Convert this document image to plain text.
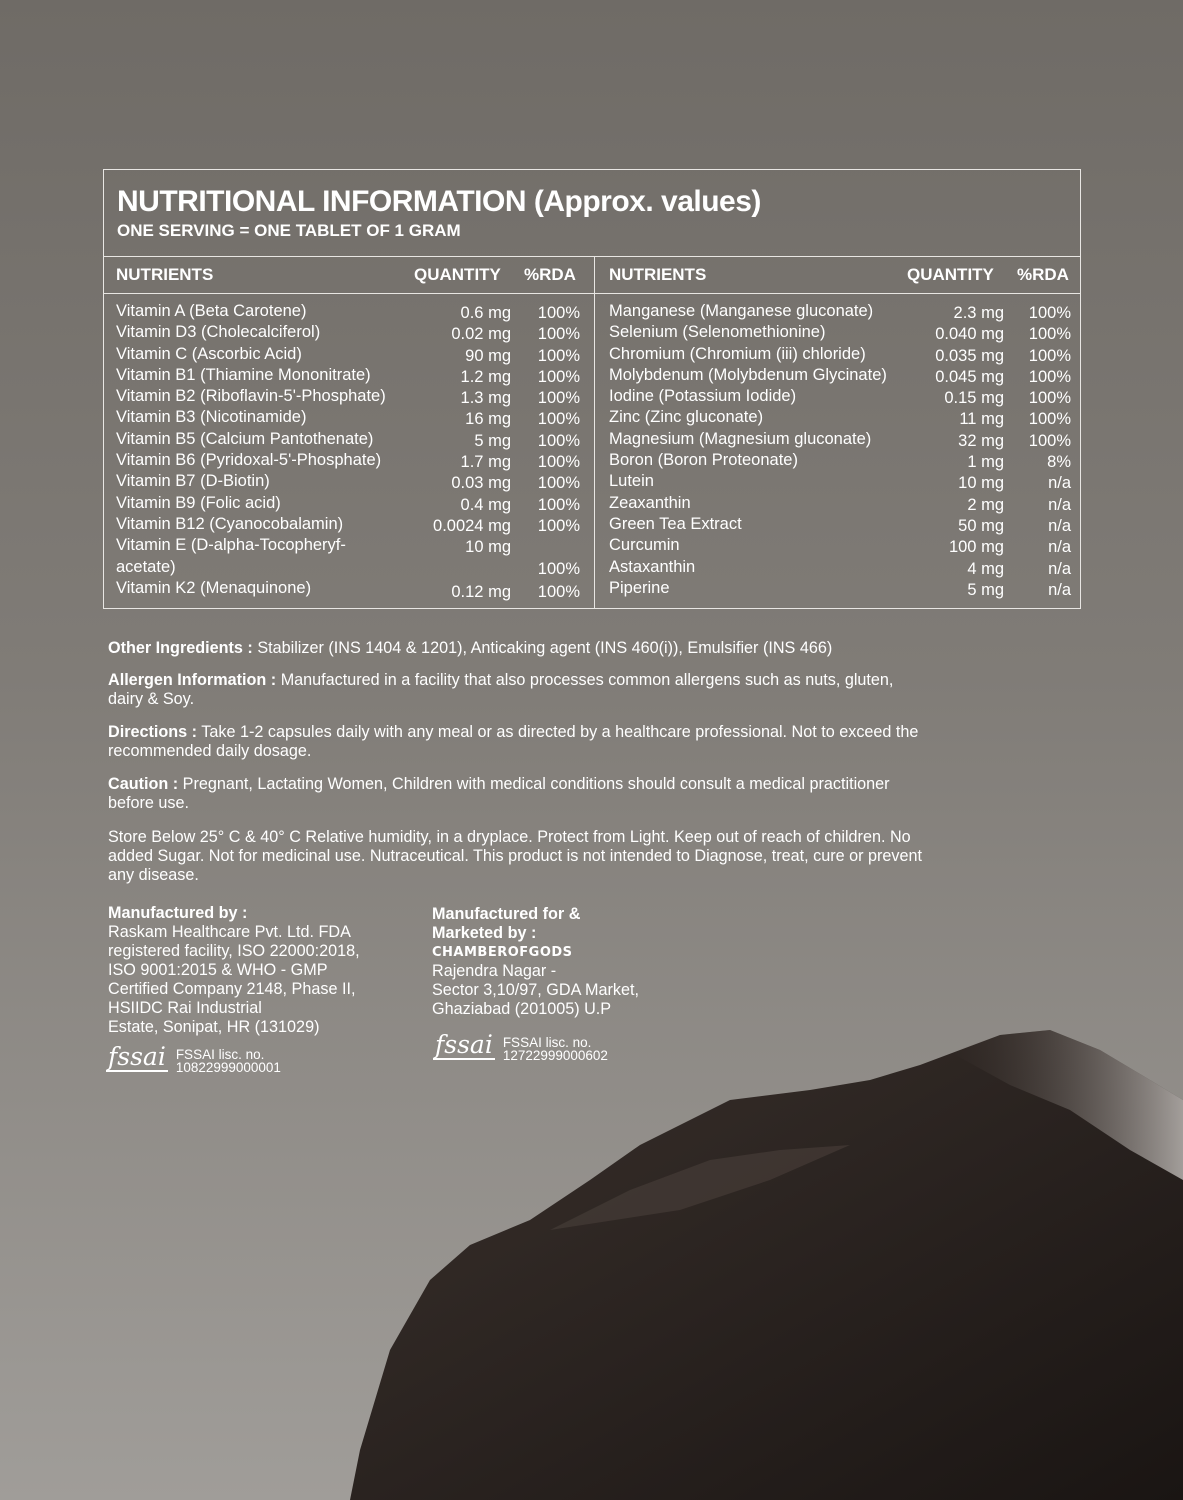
NUTRITIONAL INFORMATION (Approx. values)

ONE SERVING = ONE TABLET OF 1 GRAM

NUTRIENTS	QUANTITY %RDA NUTRIENTS	QUANTITY %RDA
Vitamin A (Beta Carotene)	0.6 mg 100%
Vitamin D3 (Cholecalciferol)	0.02 mg 100%
Vitamin C (Ascorbic Acid)	90 mg 100%
Vitamin B1 (Thiamine Mononitrate)	1.2 mg 100%
Vitamin B2 (Riboflavin-5'-Phosphate)	1.3 mg 100%
Vitamin B3 (Nicotinamide)	16 mg 100%
Vitamin B5 (Calcium Pantothenate)	5 mg 100%
Vitamin B6 (Pyridoxal-5'-Phosphate)	1.7 mg 100%
Vitamin B7 (D-Biotin)	0.03 mg 100%
Vitamin B9 (Folic acid)	0.4 mg 100%
Vitamin B12 (Cyanocobalamin)	0.0024 mg 100%
Vitamin E (D-alpha-Tocopheryf-	10 mg
acetate)	100%
Vitamin K2 (Menaquinone)	0.12 mg 100%
Manganese (Manganese gluconate)	2.3 mg 100%
Selenium (Selenomethionine)	0.040 mg 100%
Chromium (Chromium (iii) chloride)	0.035 mg 100%
Molybdenum (Molybdenum Glycinate)	0.045 mg 100%
Iodine (Potassium Iodide)	0.15 mg 100%
Zinc (Zinc gluconate)	11 mg 100%
Magnesium (Magnesium gluconate)	32 mg 100%
Boron (Boron Proteonate)	1 mg	8%
Lutein	10 mg	n/a
Zeaxanthin	2 mg	n/a
Green Tea Extract	50 mg	n/a
Curcumin	100 mg	n/a
Astaxanthin	4 mg	n/a
Piperine	5 mg	n/a
Other Ingredients : Stabilizer (INS 1404 & 1201), Anticaking agent (INS 460(i)), Emulsifier (INS 466)
Allergen Information : Manufactured in a facility that also processes common allergens such as nuts, gluten,
dairy & Soy.
Directions : Take 1-2 capsules daily with any meal or as directed by a healthcare professional. Not to exceed the
recommended daily dosage.
Caution : Pregnant, Lactating Women, Children with medical conditions should consult a medical practitioner
before use.
Store Below 25° C & 40° C Relative humidity, in a dryplace. Protect from Light. Keep out of reach of children. No
added Sugar. Not for medicinal use. Nutraceutical. This product is not intended to Diagnose, treat, cure or prevent
any disease.
Manufactured by :
Raskam Healthcare Pvt. Ltd. FDA
registered facility, ISO 22000:2018,
ISO 9001:2015 & WHO - GMP
Certified Company 2148, Phase II,
HSIIDC Rai Industrial
Estate, Sonipat, HR (131029)
fssai FSSAI lisc. no.
10822999000001
Manufactured for &
Marketed by :
CHAMBEROFGODS
Rajendra Nagar -
Sector 3,10/97, GDA Market,
Ghaziabad (201005) U.P
fssai FSSAI lisc. no.
12722999000602
